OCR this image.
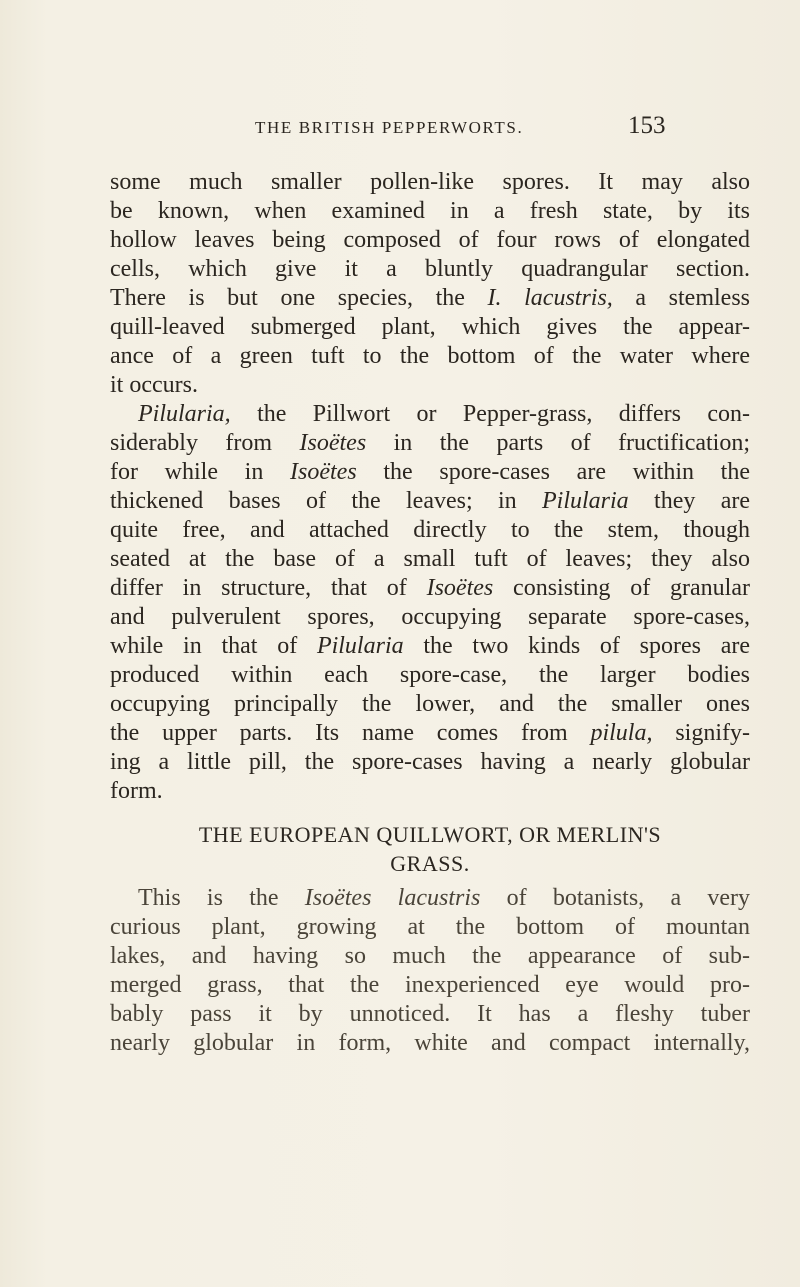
THE BRITISH PEPPERWORTS.	153
some much smaller pollen-like spores. It may also
be known, when examined in a fresh state, by its
hollow leaves being composed of four rows of elongated
cells, which give it a bluntly quadrangular section.
There is but one species, the I. lacustris, a stemless
quill-leaved submerged plant, which gives the appear-
ance of a green tuft to the bottom of the water where
it occurs.
Pilularia, the Pillwort or Pepper-grass, differs con-
siderably from Isoëtes in the parts of fructification;
for while in Isoëtes the spore-cases are within the
thickened bases of the leaves; in Pilularia they are
quite free, and attached directly to the stem, though
seated at the base of a small tuft of leaves; they also
differ in structure, that of Isoëtes consisting of granular
and pulverulent spores, occupying separate spore-cases,
while in that of Pilularia the two kinds of spores are
produced within each spore-case, the larger bodies
occupying principally the lower, and the smaller ones
the upper parts. Its name comes from pilula, signify-
ing a little pill, the spore-cases having a nearly globular
form.
THE EUROPEAN QUILLWORT, OR MERLIN'S
GRASS.
This is the Isoëtes lacustris of botanists, a very
curious plant, growing at the bottom of mountan
lakes, and having so much the appearance of sub-
merged grass, that the inexperienced eye would pro-
bably pass it by unnoticed. It has a fleshy tuber
nearly globular in form, white and compact internally,
